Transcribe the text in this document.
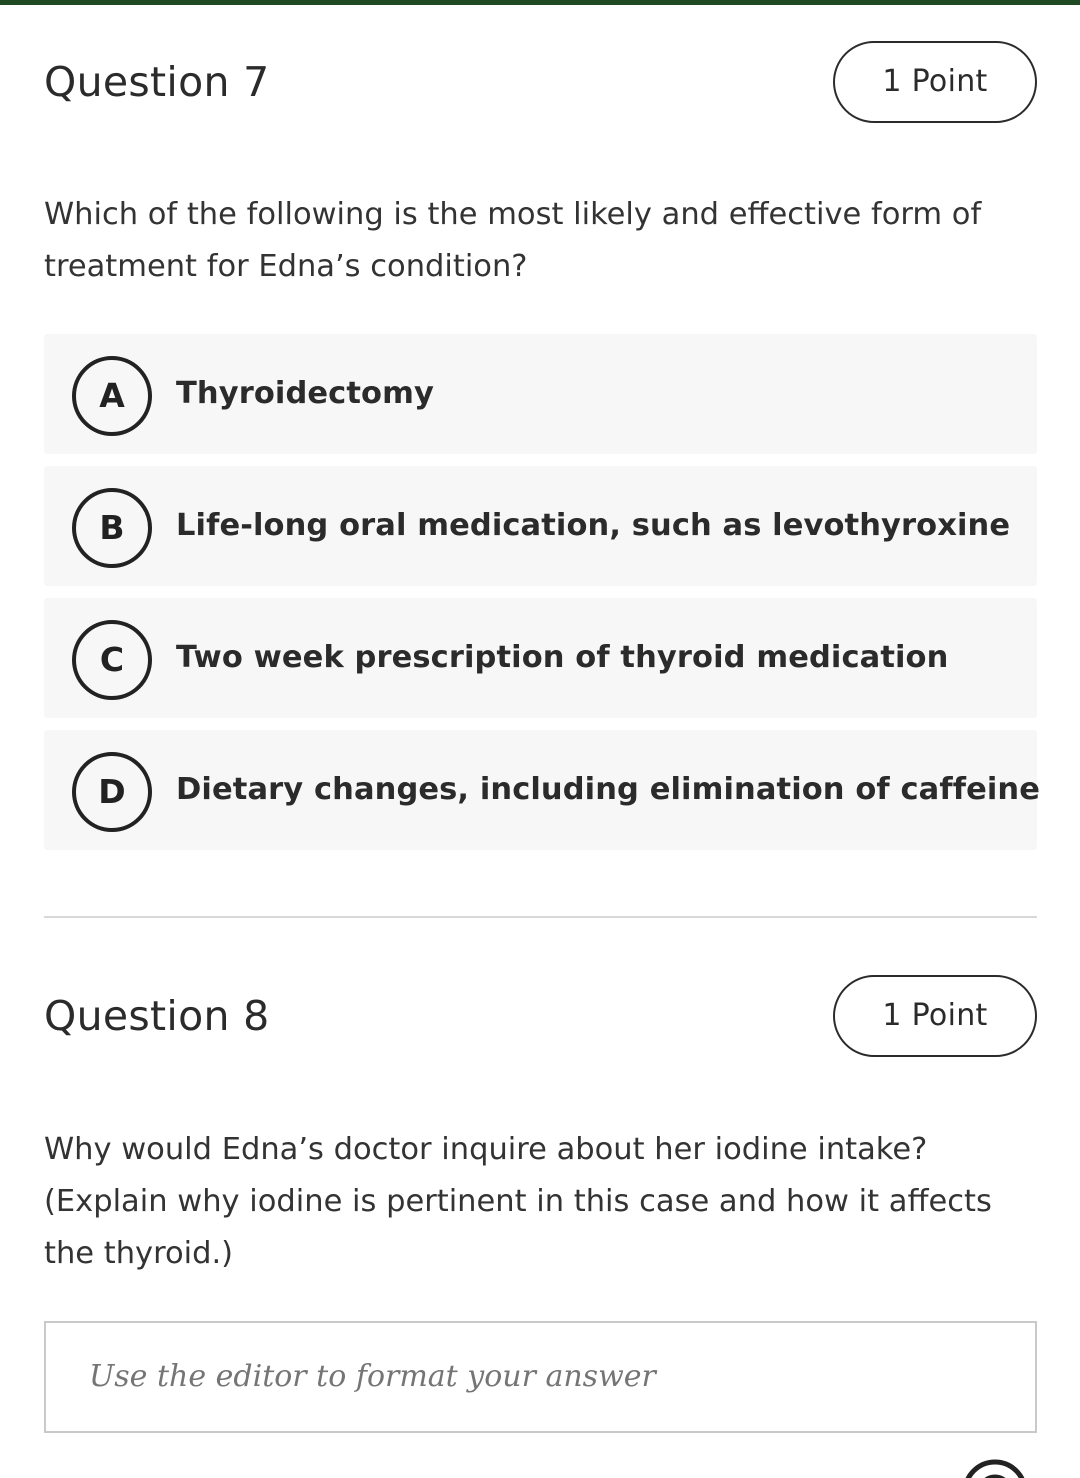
Question 7	1 Point

Which of the following is the most likely and effective form of treatment for Edna’s condition?

A	Thyroidectomy
B	Life-long oral medication, such as levothyroxine
C	Two week prescription of thyroid medication
D	Dietary changes, including elimination of caffeine
Question 8	1 Point

Why would Edna’s doctor inquire about her iodine intake? (Explain why iodine is pertinent in this case and how it affects the thyroid.)

Use the editor to format your answer
